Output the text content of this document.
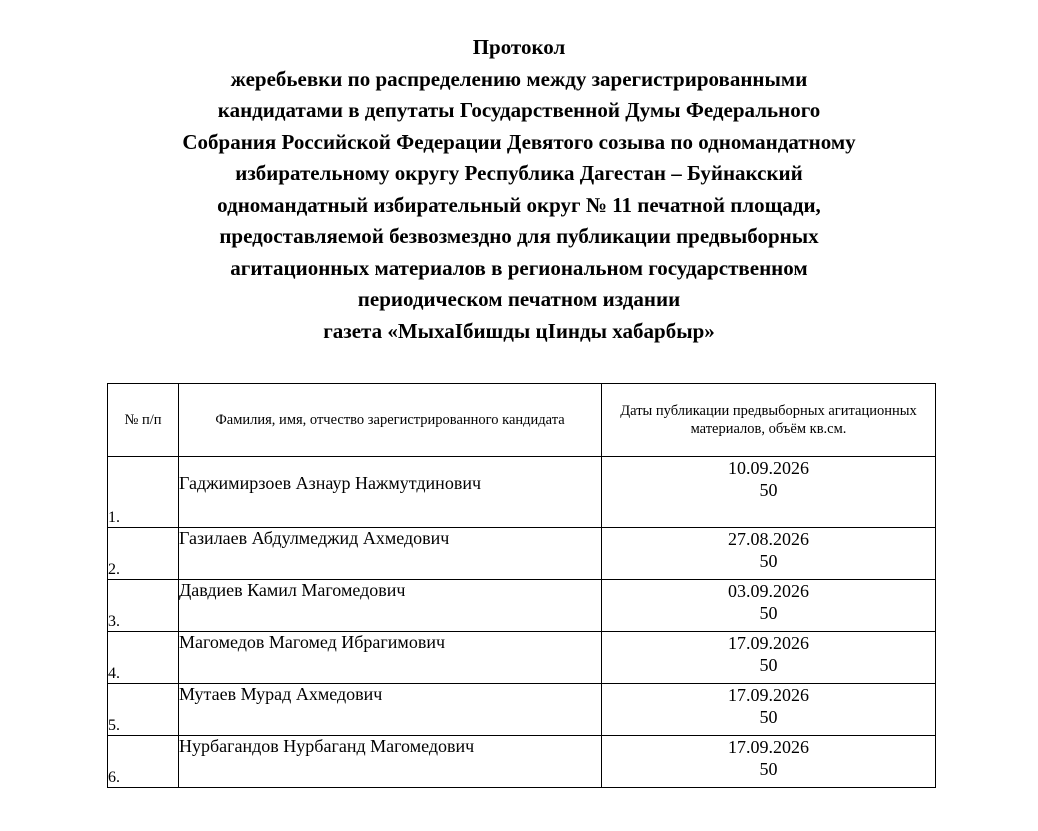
Протокол
жеребьевки по распределению между зарегистрированными
кандидатами в депутаты Государственной Думы Федерального
Собрания Российской Федерации Девятого созыва по одномандатному
избирательному округу Республика Дагестан – Буйнакский
одномандатный избирательный округ № 11 печатной площади,
предоставляемой безвозмездно для публикации предвыборных
агитационных материалов в региональном государственном
периодическом печатном издании
газета «МыхаIбишды цIинды хабарбыр»
№ п/п	Фамилия, имя, отчество зарегистрированного кандидата	Даты публикации предвыборных агитационных материалов, объём кв.см.

1.	Гаджимирзоев Азнаур Нажмутдинович	10.09.2026
50

2.	Газилаев Абдулмеджид Ахмедович	27.08.2026
50

3.	Давдиев Камил Магомедович	03.09.2026
50

4.	Магомедов Магомед Ибрагимович	17.09.2026
50

5.	Мутаев Мурад Ахмедович	17.09.2026
50

6.	Нурбагандов Нурбаганд Магомедович	17.09.2026
50
